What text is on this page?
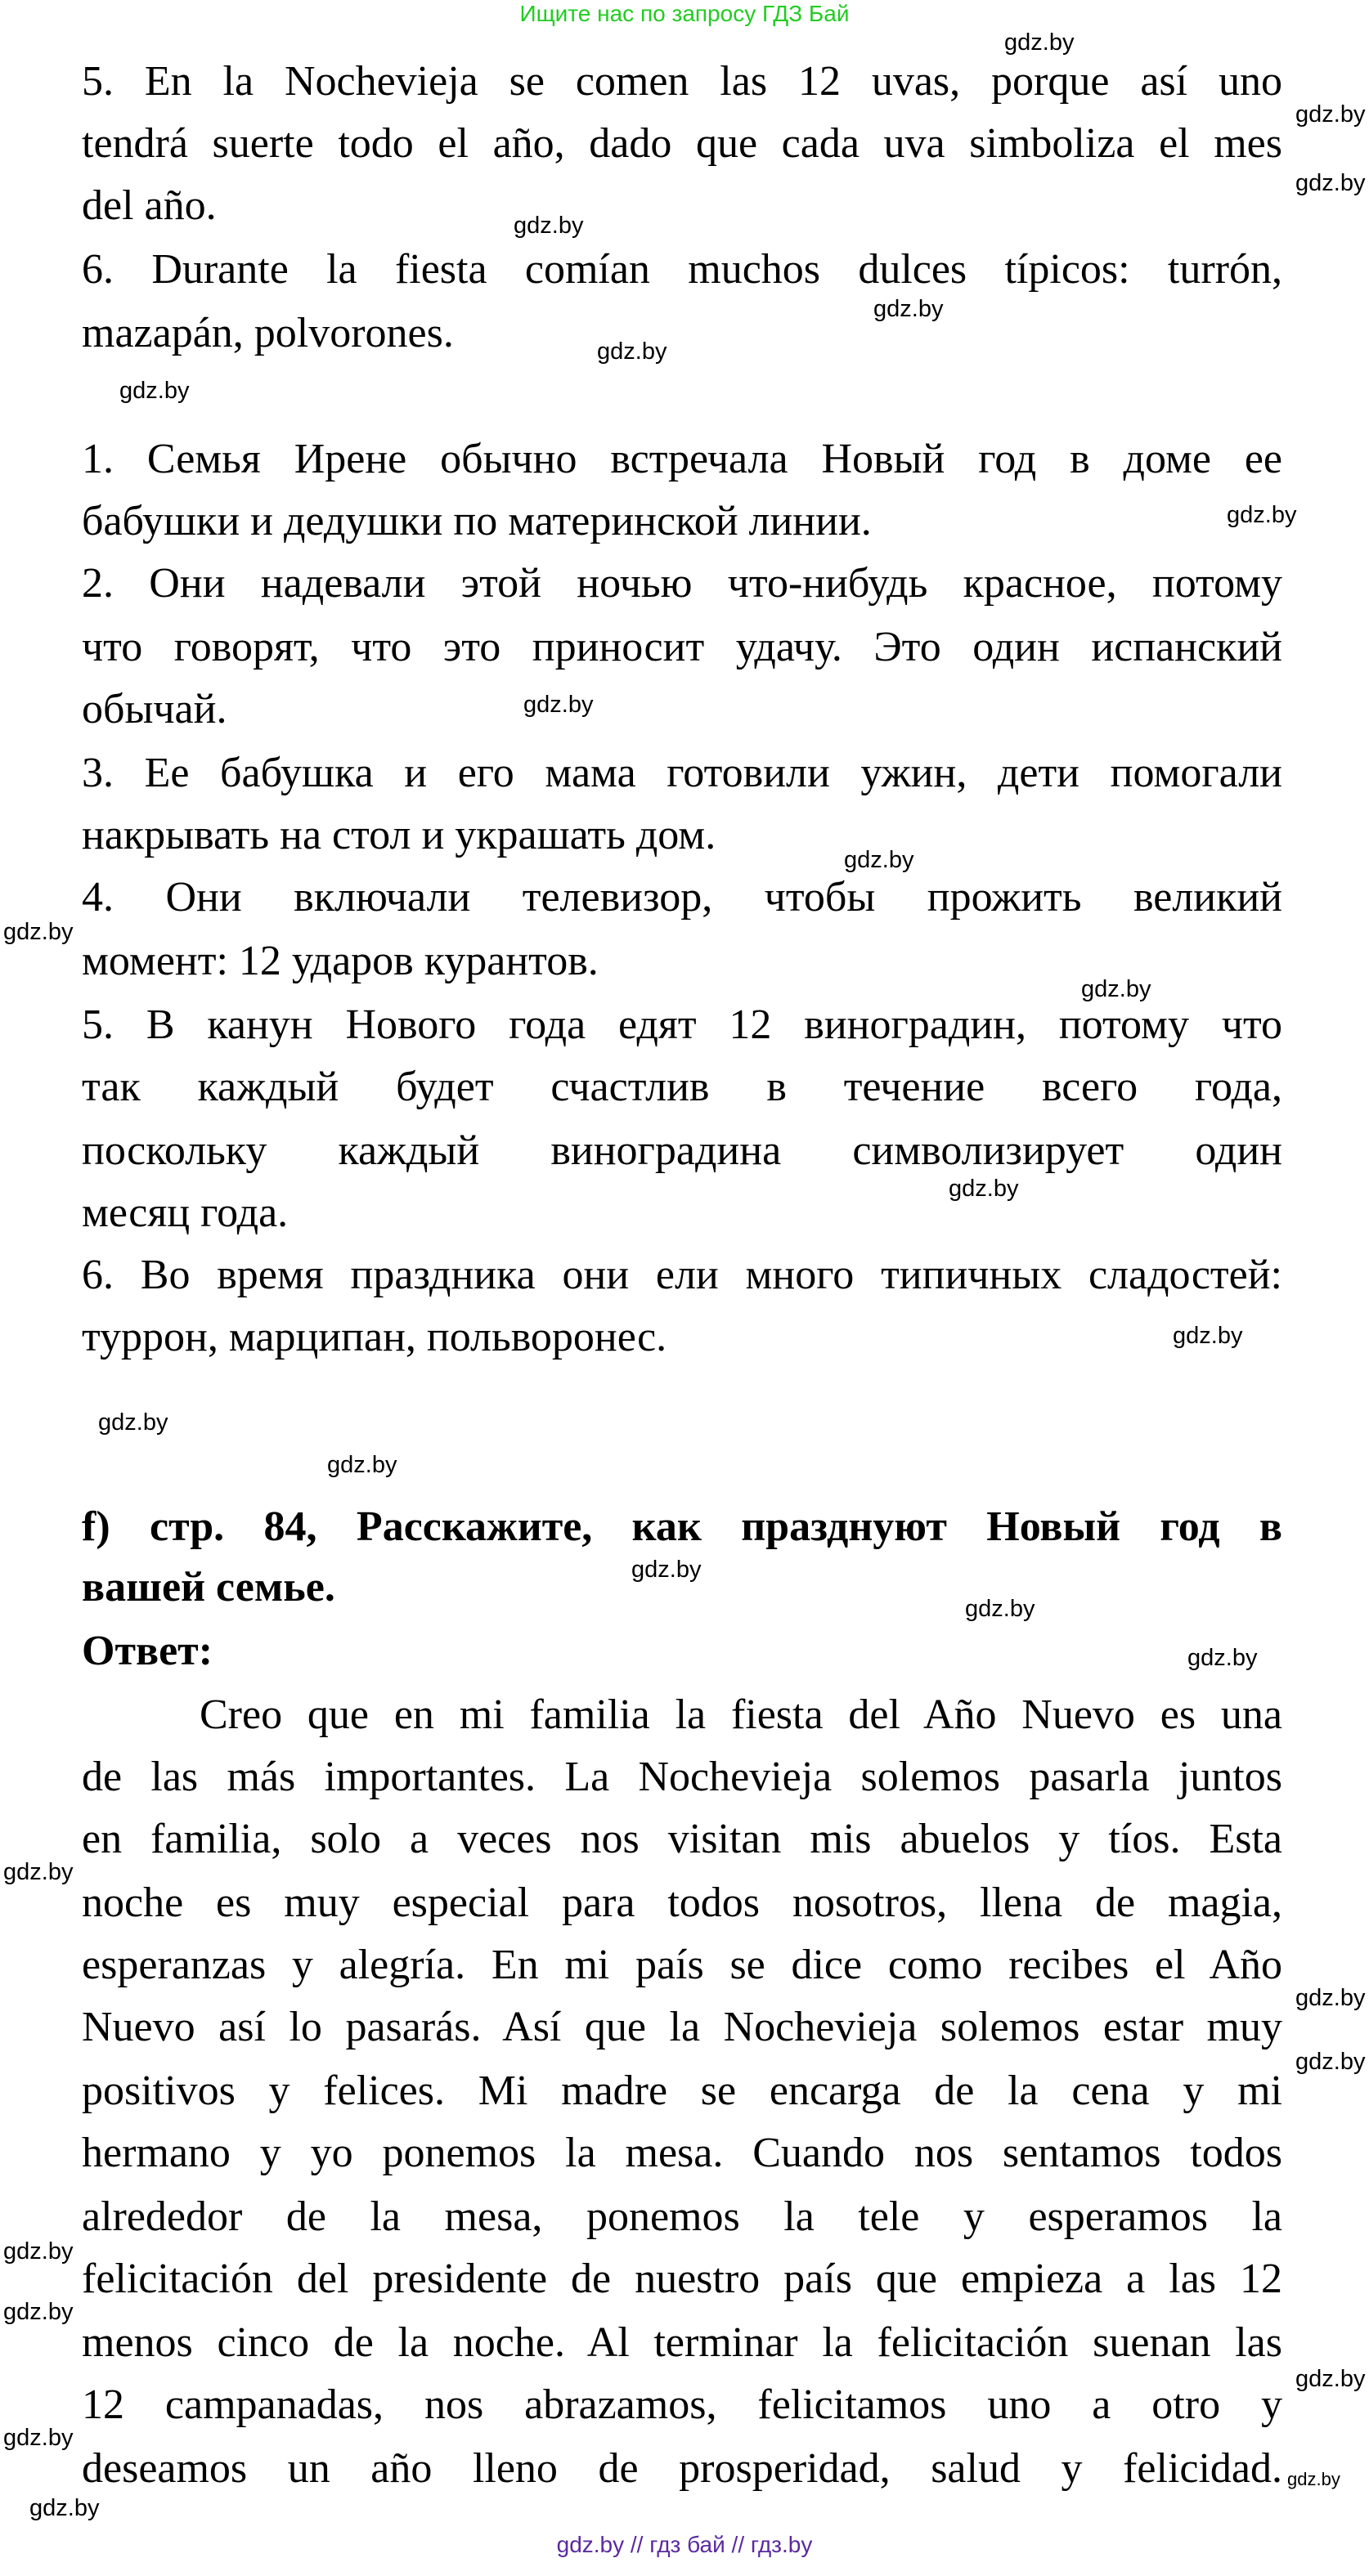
Ищите нас по запросу ГДЗ Бай
5. En la Nochevieja se comen las 12 uvas, porque así uno
tendrá suerte todo el año, dado que cada uva simboliza el mes
del año.
6. Durante la fiesta comían muchos dulces típicos: turrón,
mazapán, polvorones.
1. Семья Ирене обычно встречала Новый год в доме ее
бабушки и дедушки по материнской линии.
2. Они надевали этой ночью что-нибудь красное, потому
что говорят, что это приносит удачу. Это один испанский
обычай.
3. Ее бабушка и его мама готовили ужин, дети помогали
накрывать на стол и украшать дом.
4. Они включали телевизор, чтобы прожить великий
момент: 12 ударов курантов.
5. В канун Нового года едят 12 виноградин, потому что
так каждый будет счастлив в течение всего года,
поскольку каждый виноградина символизирует один
месяц года.
6. Во время праздника они ели много типичных сладостей:
туррон, марципан, польворонес.
f) стр. 84, Расскажите, как празднуют Новый год в
вашей семье.
Ответ:
Creo que en mi familia la fiesta del Año Nuevo es una
de las más importantes. La Nochevieja solemos pasarla juntos
en familia, solo a veces nos visitan mis abuelos y tíos. Esta
noche es muy especial para todos nosotros, llena de magia,
esperanzas y alegría. En mi país se dice como recibes el Año
Nuevo así lo pasarás. Así que la Nochevieja solemos estar muy
positivos y felices. Mi madre se encarga de la cena y mi
hermano y yo ponemos la mesa. Cuando nos sentamos todos
alrededor de la mesa, ponemos la tele y esperamos la
felicitación del presidente de nuestro país que empieza a las 12
menos cinco de la noche. Al terminar la felicitación suenan las
12 campanadas, nos abrazamos, felicitamos uno a otro y
deseamos un año lleno de prosperidad, salud y felicidad.
gdz.by
gdz.by
gdz.by
gdz.by
gdz.by
gdz.by
gdz.by
gdz.by
gdz.by
gdz.by
gdz.by
gdz.by
gdz.by
gdz.by
gdz.by
gdz.by
gdz.by
gdz.by
gdz.by
gdz.by
gdz.by
gdz.by
gdz.by
gdz.by
gdz.by
gdz.by
gdz.by
gdz.by
gdz.by // гдз бай // гдз.by
